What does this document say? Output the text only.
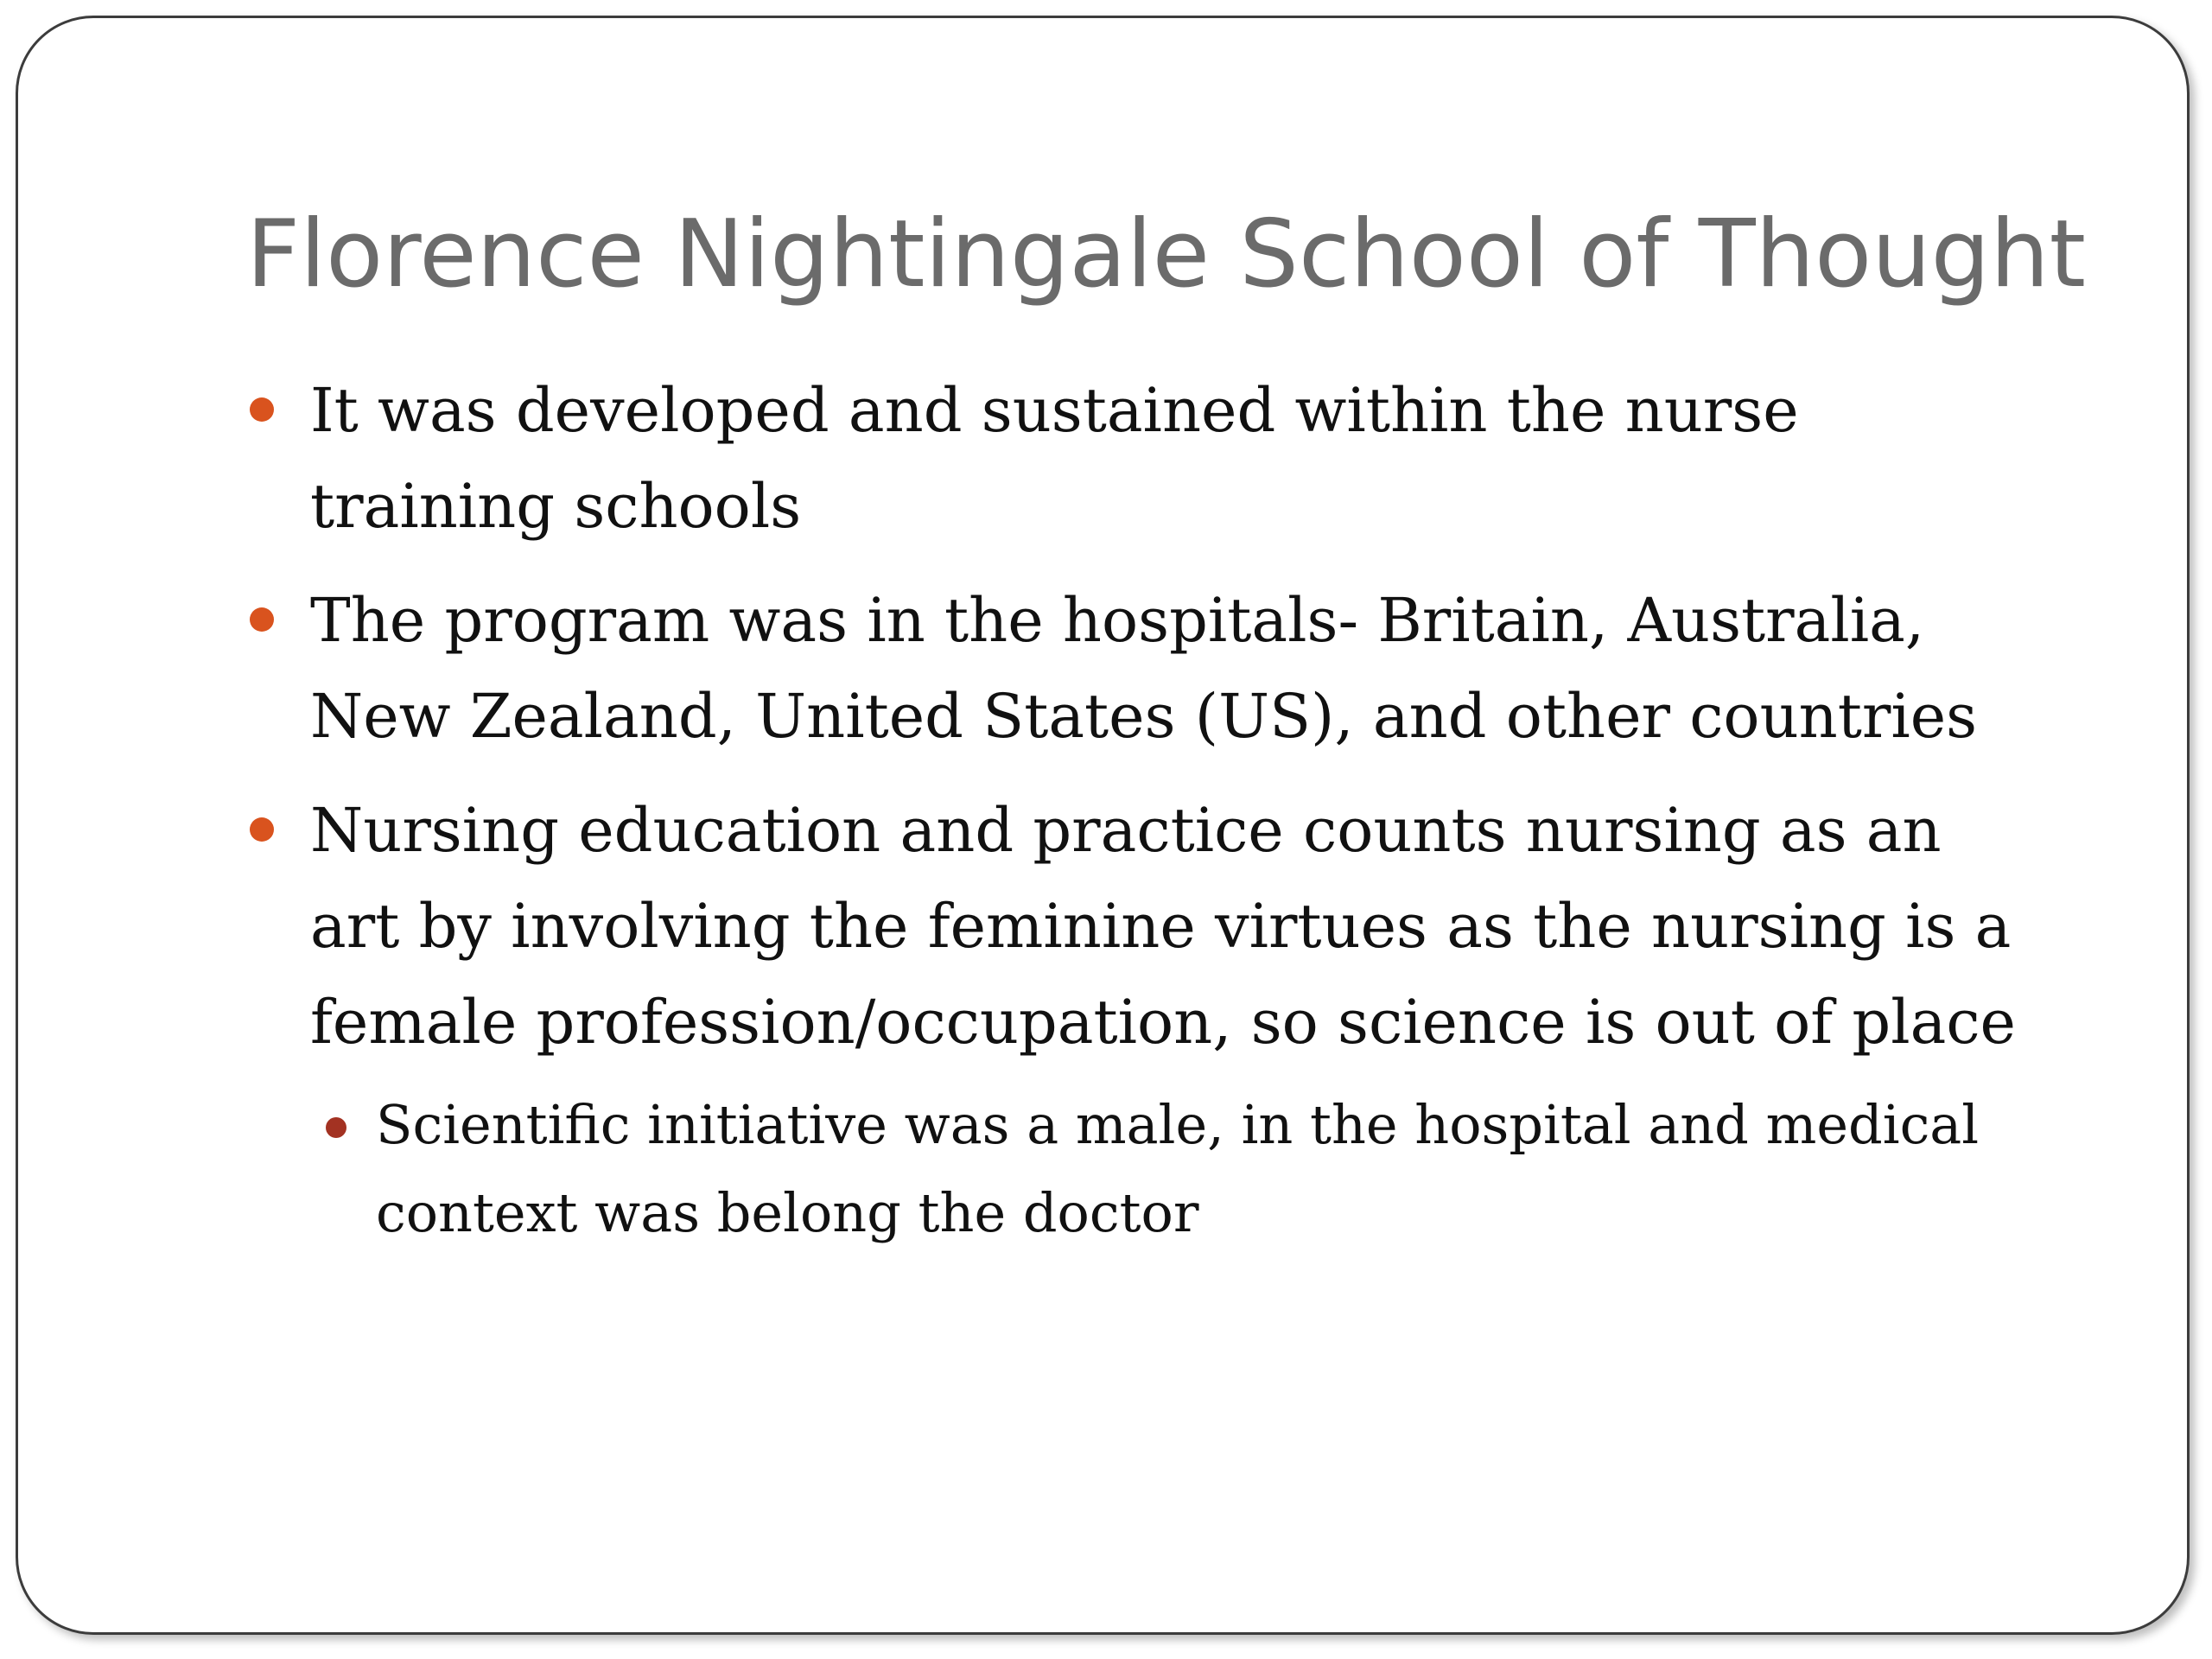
Florence Nightingale School of Thought
It was developed and sustained within the nurse training schools
The program was in the hospitals- Britain, Australia, New Zealand, United States (US), and other countries
Nursing education and practice counts nursing as an art by involving the feminine virtues as the nursing is a female profession/occupation, so science is out of place
Scientific initiative was a male, in the hospital and medical context was belong the doctor
